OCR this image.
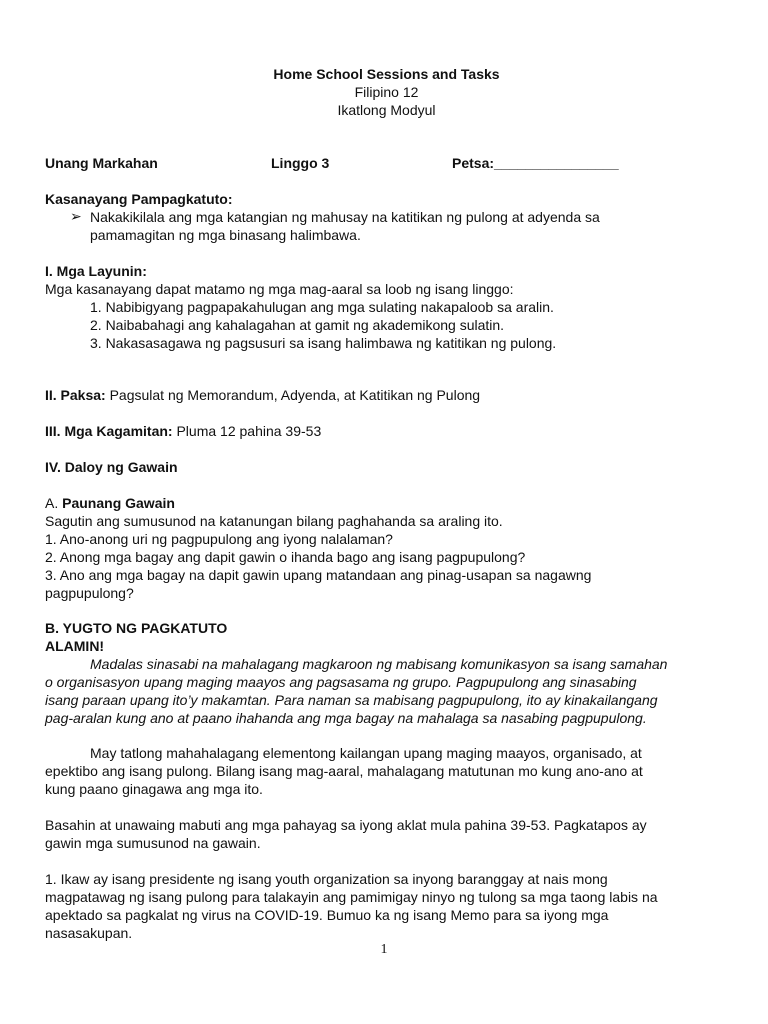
Home School Sessions and Tasks
Filipino 12
Ikatlong Modyul
Unang Markahan	Linggo 3	Petsa:________________
Kasanayang Pampagkatuto:
➢ Nakakikilala ang mga katangian ng mahusay na katitikan ng pulong at adyenda sa
pamamagitan ng mga binasang halimbawa.
I. Mga Layunin:
Mga kasanayang dapat matamo ng mga mag-aaral sa loob ng isang linggo:
1. Nabibigyang pagpapakahulugan ang mga sulating nakapaloob sa aralin.
2. Naibabahagi ang kahalagahan at gamit ng akademikong sulatin.
3. Nakasasagawa ng pagsusuri sa isang halimbawa ng katitikan ng pulong.
II. Paksa: Pagsulat ng Memorandum, Adyenda, at Katitikan ng Pulong
III. Mga Kagamitan: Pluma 12 pahina 39-53
IV. Daloy ng Gawain
A. Paunang Gawain
Sagutin ang sumusunod na katanungan bilang paghahanda sa araling ito.
1. Ano-anong uri ng pagpupulong ang iyong nalalaman?
2. Anong mga bagay ang dapit gawin o ihanda bago ang isang pagpupulong?
3. Ano ang mga bagay na dapit gawin upang matandaan ang pinag-usapan sa nagawng
pagpupulong?
B. YUGTO NG PAGKATUTO
ALAMIN!
Madalas sinasabi na mahalagang magkaroon ng mabisang komunikasyon sa isang samahan
o organisasyon upang maging maayos ang pagsasama ng grupo. Pagpupulong ang sinasabing
isang paraan upang ito’y makamtan. Para naman sa mabisang pagpupulong, ito ay kinakailangang
pag-aralan kung ano at paano ihahanda ang mga bagay na mahalaga sa nasabing pagpupulong.
May tatlong mahahalagang elementong kailangan upang maging maayos, organisado, at
epektibo ang isang pulong. Bilang isang mag-aaral, mahalagang matutunan mo kung ano-ano at
kung paano ginagawa ang mga ito.
Basahin at unawaing mabuti ang mga pahayag sa iyong aklat mula pahina 39-53. Pagkatapos ay
gawin mga sumusunod na gawain.
1. Ikaw ay isang presidente ng isang youth organization sa inyong baranggay at nais mong
magpatawag ng isang pulong para talakayin ang pamimigay ninyo ng tulong sa mga taong labis na
apektado sa pagkalat ng virus na COVID-19. Bumuo ka ng isang Memo para sa iyong mga
nasasakupan.
1
